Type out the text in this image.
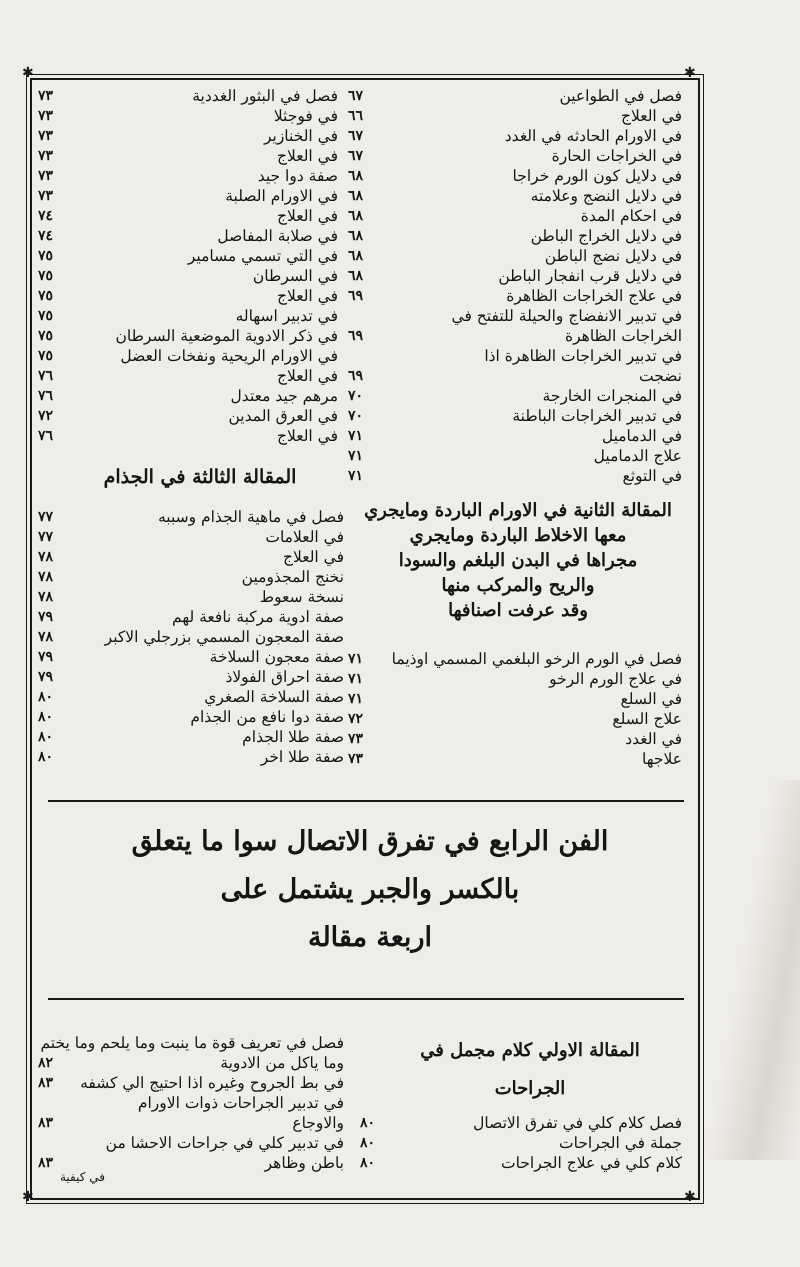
✱	✱
✱	✱
فصل في الطواعين
٦٧
في العلاج
٦٦
في الاورام الحادثه في الغدد
٦٧
في الخراجات الحارة
٦٧
في دلايل كون الورم خراجا
٦٨
في دلايل النضج وعلامته
٦٨
في احكام المدة
٦٨
في دلايل الخراج الباطن
٦٨
في دلايل نضج الباطن
٦٨
في دلايل قرب انفجار الباطن
٦٨
في علاج الخراجات الظاهرة
٦٩
في تدبير الانفضاج والحيلة للتفتح في
الخراجات الظاهرة
٦٩
في تدبير الخراجات الظاهرة اذا
نضجت
٦٩
في المنجرات الخارجة
٧٠
في تدبير الخراجات الباطنة
٧٠
في الدماميل
٧١
علاج الدماميل
٧١
في التوثع
٧١
فصل في البثور الغددية
٧٣
في فوجثلا
٧٣
في الخنازير
٧٣
في العلاج
٧٣
صفة دوا جيد
٧٣
في الاورام الصلبة
٧٣
في العلاج
٧٤
في صلابة المفاصل
٧٤
في التي تسمي مسامير
٧٥
في السرطان
٧٥
في العلاج
٧٥
في تدبير اسهاله
٧٥
في ذكر الادوية الموضعية السرطان
٧٥
في الاورام الريحية ونفخات العضل
٧٥
في العلاج
٧٦
مرهم جيد معتدل
٧٦
في العرق المدين
٧٢
في العلاج
٧٦
المقالة الثالثة في الجذام
فصل في ماهية الجذام وسببه
٧٧
في العلامات
٧٧
في العلاج
٧٨
نخنج المجذومين
٧٨
نسخة سعوط
٧٨
صفة ادوية مركبة نافعة لهم
٧٩
صفة المعجون المسمي بزرجلي الاكبر
٧٨
صفة معجون السلاخة
٧٩
صفة احراق الفولاذ
٧٩
صفة السلاخة الصغري
٨٠
صفة دوا نافع من الجذام
٨٠
صفة طلا الجذام
٨٠
صفة طلا اخر
٨٠
المقالة الثانية في الاورام الباردة ومايجري
معها الاخلاط الباردة ومايجري
مجراها في البدن البلغم والسودا
والريح والمركب منها
وقد عرفت اصنافها
فصل في الورم الرخو البلغمي المسمي اوذيما
٧١
في علاج الورم الرخو
٧١
في السلع
٧١
علاج السلع
٧٢
في الغدد
٧٣
علاجها
٧٣
الفن الرابع في تفرق الاتصال سوا ما يتعلق
بالكسر والجبر يشتمل على
اربعة مقالة
المقالة الاولي كلام مجمل في
الجراحات
فصل كلام كلي في تفرق الاتصال
٨٠
جملة في الجراحات
٨٠
كلام كلي في علاج الجراحات
٨٠
فصل في تعريف قوة ما ينبت وما يلحم وما يختم
وما ياكل من الادوية
٨٢
في بط الجروح وغيره اذا احتيج الي كشفه
٨٣
في تدبير الجراحات ذوات الاورام
والاوجاع
٨٣
في تدبير كلي في جراحات الاحشا من
باطن وظاهر
٨٣
في كيفية
